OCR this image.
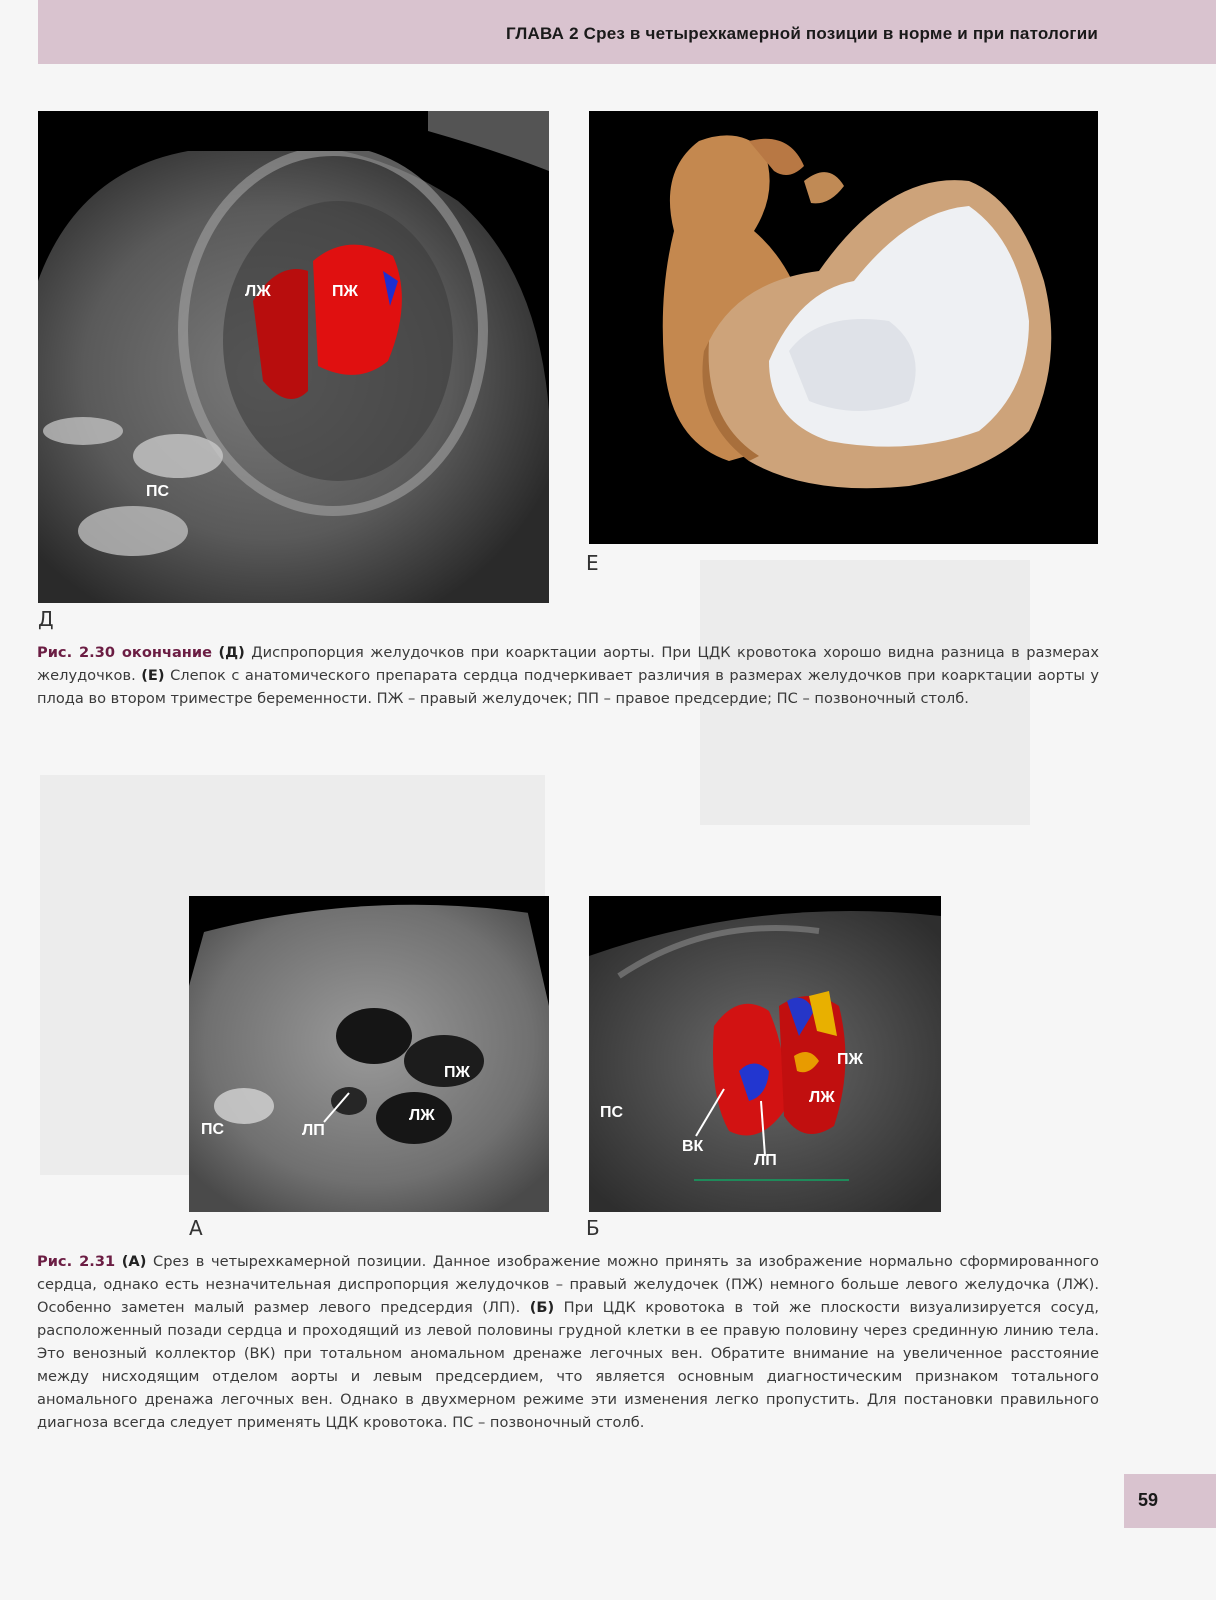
ГЛАВА 2 Срез в четырехкамерной позиции в норме и при патологии
ЛЖ	ПЖ
ПС
Д
Е
Рис. 2.30 окончание (Д) Диспропорция желудочков при коарктации аорты. При ЦДК кровотока хорошо видна разница в размерах желудочков. (Е) Слепок с анатомического препарата сердца подчеркивает различия в размерах желудочков при коарктации аорты у плода во втором триместре беременности. ПЖ – правый желудочек; ПП – правое предсердие; ПС – позвоночный столб.
ПЖ
ЛЖ
ЛП
ПС
А
ПЖ
ЛЖ
ВК
ЛП
ПС
Б
Рис. 2.31 (А) Срез в четырехкамерной позиции. Данное изображение можно принять за изображение нормально сформированного сердца, однако есть незначительная диспропорция желудочков – правый желудочек (ПЖ) немного больше левого желудочка (ЛЖ). Особенно заметен малый размер левого предсердия (ЛП). (Б) При ЦДК кровотока в той же плоскости визуализируется сосуд, расположенный позади сердца и проходящий из левой половины грудной клетки в ее правую половину через срединную линию тела. Это венозный коллектор (ВК) при тотальном аномальном дренаже легочных вен. Обратите внимание на увеличенное расстояние между нисходящим отделом аорты и левым предсердием, что является основным диагностическим признаком тотального аномального дренажа легочных вен. Однако в двухмерном режиме эти изменения легко пропустить. Для постановки правильного диагноза всегда следует применять ЦДК кровотока. ПС – позвоночный столб.
59
